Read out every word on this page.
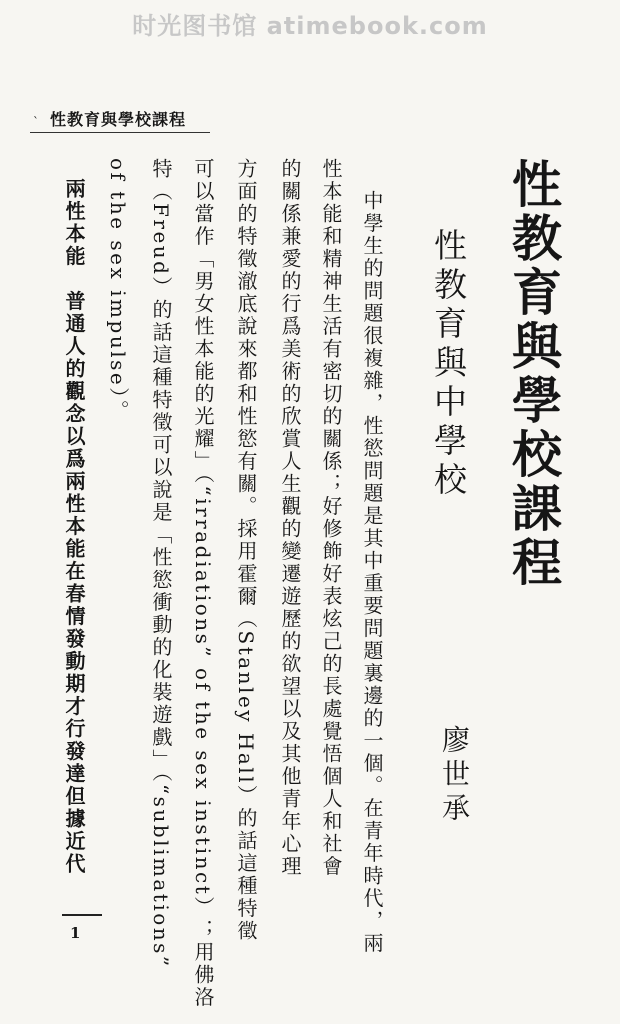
时光图书馆 atimebook.com
性教育與學校課程
`
性教育與學校課程
性教育與中學校
廖世承
中學生的問題很複雜，性慾問題是其中重要問題裏邊的一個。在青年時代，兩
性本能和精神生活有密切的關係；好修飾好表炫己的長處覺悟個人和社會
的關係兼愛的行爲美術的欣賞人生觀的變遷遊歷的欲望以及其他青年心理
方面的特徵澈底說來都和性慾有關。採用霍爾（Stanley Hall）的話這種特徵
可以當作「男女性本能的光耀」（“irradiations” of the sex instinct）；用佛洛
特（Freud）的話這種特徵可以說是「性慾衝動的化裝遊戲」（“sublimations”
of the sex impulse）。
兩性本能　普通人的觀念以爲兩性本能在春情發動期才行發達但據近代
1
